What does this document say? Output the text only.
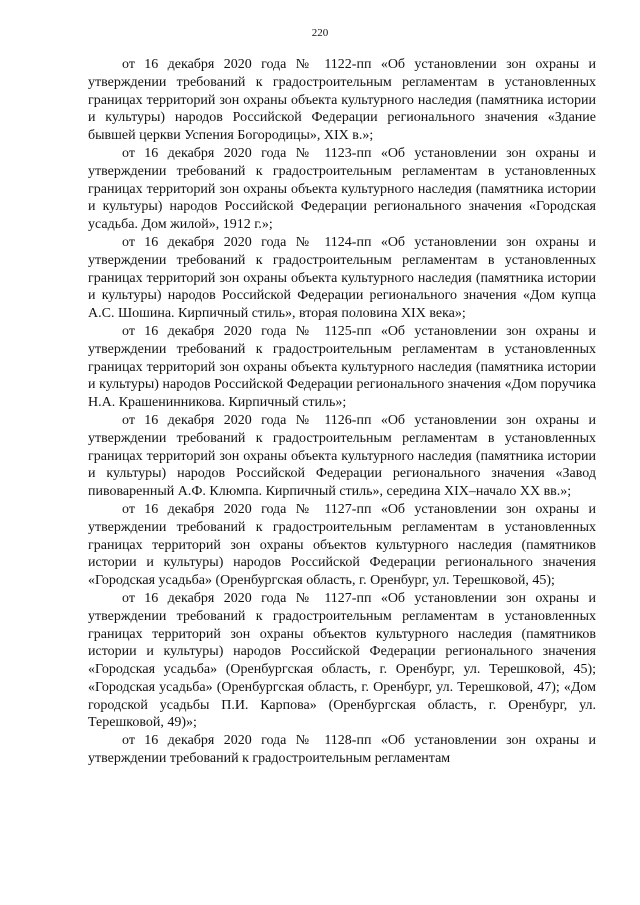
220

от 16 декабря 2020 года № 1122-пп «Об установлении зон охраны и утверждении требований к градостроительным регламентам в установленных границах территорий зон охраны объекта культурного наследия (памятника истории и культуры) народов Российской Федерации регионального значения «Здание бывшей церкви Успения Богородицы», XIX в.»;

от 16 декабря 2020 года № 1123-пп «Об установлении зон охраны и утверждении требований к градостроительным регламентам в установленных границах территорий зон охраны объекта культурного наследия (памятника истории и культуры) народов Российской Федерации регионального значения «Городская усадьба. Дом жилой», 1912 г.»;

от 16 декабря 2020 года № 1124-пп «Об установлении зон охраны и утверждении требований к градостроительным регламентам в установленных границах территорий зон охраны объекта культурного наследия (памятника истории и культуры) народов Российской Федерации регионального значения «Дом купца А.С. Шошина. Кирпичный стиль», вторая половина XIX века»;

от 16 декабря 2020 года № 1125-пп «Об установлении зон охраны и утверждении требований к градостроительным регламентам в установленных границах территорий зон охраны объекта культурного наследия (памятника истории и культуры) народов Российской Федерации регионального значения «Дом поручика Н.А. Крашенинникова. Кирпичный стиль»;

от 16 декабря 2020 года № 1126-пп «Об установлении зон охраны и утверждении требований к градостроительным регламентам в установленных границах территорий зон охраны объекта культурного наследия (памятника истории и культуры) народов Российской Федерации регионального значения «Завод пивоваренный А.Ф. Клюмпа. Кирпичный стиль», середина XIX–начало XX вв.»;

от 16 декабря 2020 года № 1127-пп «Об установлении зон охраны и утверждении требований к градостроительным регламентам в установленных границах территорий зон охраны объектов культурного наследия (памятников истории и культуры) народов Российской Федерации регионального значения «Городская усадьба» (Оренбургская область, г. Оренбург, ул. Терешковой, 45);

от 16 декабря 2020 года № 1127-пп «Об установлении зон охраны и утверждении требований к градостроительным регламентам в установленных границах территорий зон охраны объектов культурного наследия (памятников истории и культуры) народов Российской Федерации регионального значения «Городская усадьба» (Оренбургская область, г. Оренбург, ул. Терешковой, 45); «Городская усадьба» (Оренбургская область, г. Оренбург, ул. Терешковой, 47); «Дом городской усадьбы П.И. Карпова» (Оренбургская область, г. Оренбург, ул. Терешковой, 49)»;

от 16 декабря 2020 года № 1128-пп «Об установлении зон охраны и утверждении требований к градостроительным регламентам
